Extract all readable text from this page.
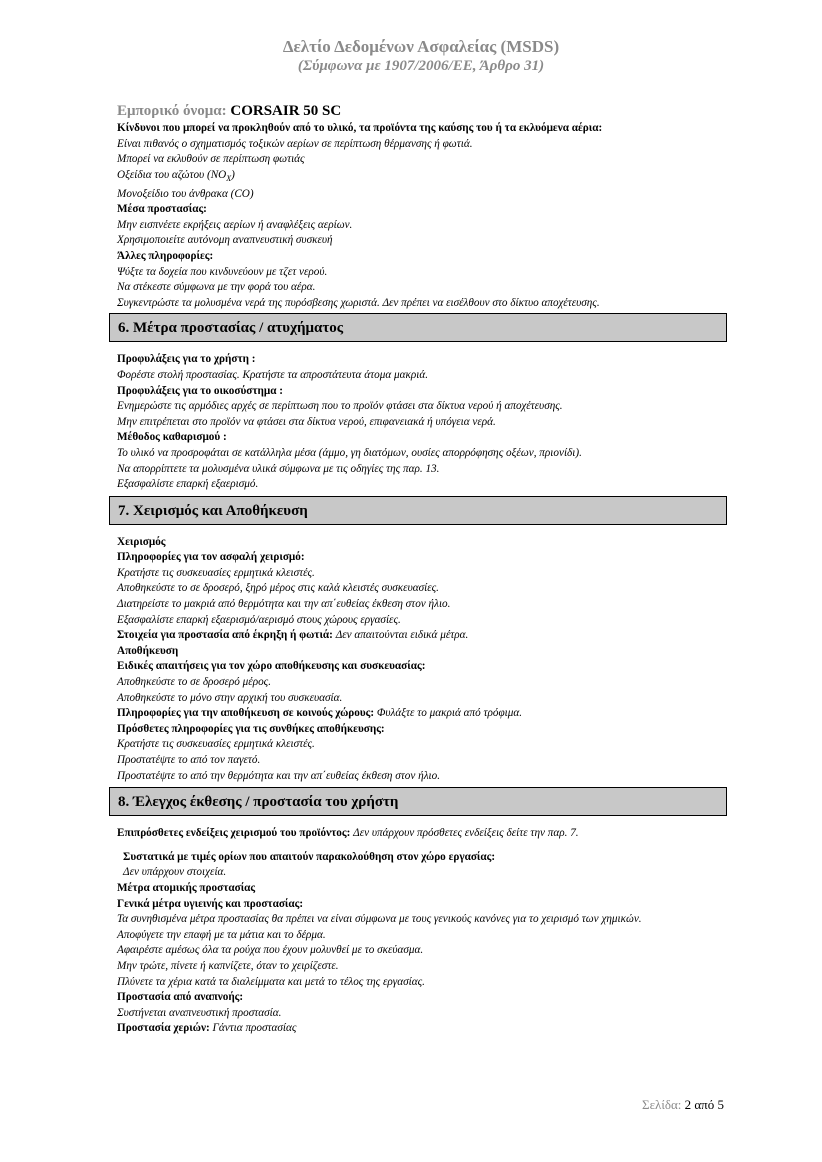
Δελτίο Δεδομένων Ασφαλείας (MSDS)
(Σύμφωνα με 1907/2006/ΕΕ, Άρθρο 31)
Εμπορικό όνομα: CORSAIR 50 SC
Κίνδυνοι που μπορεί να προκληθούν από το υλικό, τα προϊόντα της καύσης του ή τα εκλυόμενα αέρια:
Είναι πιθανός ο σχηματισμός τοξικών αερίων σε περίπτωση θέρμανσης ή φωτιά.
Μπορεί να εκλυθούν σε περίπτωση φωτιάς
Οξείδια του αζώτου $(NO_X)$
Μονοξείδιο του άνθρακα (CO)
Μέσα προστασίας:
Μην εισπνέετε εκρήξεις αερίων ή αναφλέξεις αερίων.
Χρησιμοποιείτε αυτόνομη αναπνευστική συσκευή
Άλλες πληροφορίες:
Ψύξτε τα δοχεία που κινδυνεύουν με τζετ νερού.
Να στέκεστε σύμφωνα με την φορά του αέρα.
Συγκεντρώστε τα μολυσμένα νερά της πυρόσβεσης χωριστά. Δεν πρέπει να εισέλθουν στο δίκτυο αποχέτευσης.
6. Μέτρα προστασίας / ατυχήματος
Προφυλάξεις για το χρήστη :
Φορέστε στολή προστασίας. Κρατήστε τα απροστάτευτα άτομα μακριά.
Προφυλάξεις για το οικοσύστημα :
Ενημερώστε τις αρμόδιες αρχές σε περίπτωση που το προϊόν φτάσει στα δίκτυα νερού ή αποχέτευσης.
Μην επιτρέπεται στο προϊόν να φτάσει στα δίκτυα νερού, επιφανειακά ή υπόγεια νερά.
Μέθοδος καθαρισμού :
Το υλικό να προσροφάται σε κατάλληλα μέσα (άμμο, γη διατόμων, ουσίες απορρόφησης οξέων, πριονίδι).
Να απορρίπτετε τα μολυσμένα υλικά σύμφωνα με τις οδηγίες της παρ. 13.
Εξασφαλίστε επαρκή εξαερισμό.
7. Χειρισμός και Αποθήκευση
Χειρισμός
Πληροφορίες για τον ασφαλή χειρισμό:
Κρατήστε τις συσκευασίες ερμητικά κλειστές.
Αποθηκεύστε το σε δροσερό, ξηρό μέρος στις καλά κλειστές συσκευασίες.
Διατηρείστε το μακριά από θερμότητα και την απ΄ευθείας έκθεση στον ήλιο.
Εξασφαλίστε επαρκή εξαερισμό/αερισμό στους χώρους εργασίες.
Στοιχεία για προστασία από έκρηξη ή φωτιά: Δεν απαιτούνται ειδικά μέτρα.
Αποθήκευση
Ειδικές απαιτήσεις για τον χώρο αποθήκευσης και συσκευασίας:
Αποθηκεύστε το σε δροσερό μέρος.
Αποθηκεύστε το μόνο στην αρχική του συσκευασία.
Πληροφορίες για την αποθήκευση σε κοινούς χώρους: Φυλάξτε το μακριά από τρόφιμα.
Πρόσθετες πληροφορίες για τις συνθήκες αποθήκευσης:
Κρατήστε τις συσκευασίες ερμητικά κλειστές.
Προστατέψτε το από τον παγετό.
Προστατέψτε το από την θερμότητα και την απ΄ευθείας έκθεση στον ήλιο.
8. Έλεγχος έκθεσης / προστασία του χρήστη
Επιπρόσθετες ενδείξεις χειρισμού του προϊόντος: Δεν υπάρχουν πρόσθετες ενδείξεις δείτε την παρ. 7.
Συστατικά με τιμές ορίων που απαιτούν παρακολούθηση στον χώρο εργασίας:
Δεν υπάρχουν στοιχεία.
Μέτρα ατομικής προστασίας
Γενικά μέτρα υγιεινής και προστασίας:
Τα συνηθισμένα μέτρα προστασίας θα πρέπει να είναι σύμφωνα με τους γενικούς κανόνες για το χειρισμό των χημικών.
Αποφύγετε την επαφή με τα μάτια και το δέρμα.
Αφαιρέστε αμέσως όλα τα ρούχα που έχουν μολυνθεί με το σκεύασμα.
Μην τρώτε, πίνετε ή καπνίζετε, όταν το χειρίζεστε.
Πλύνετε τα χέρια κατά τα διαλείμματα και μετά το τέλος της εργασίας.
Προστασία από αναπνοής:
Συστήνεται αναπνευστική προστασία.
Προστασία χεριών: Γάντια προστασίας
Σελίδα: 2 από 5
